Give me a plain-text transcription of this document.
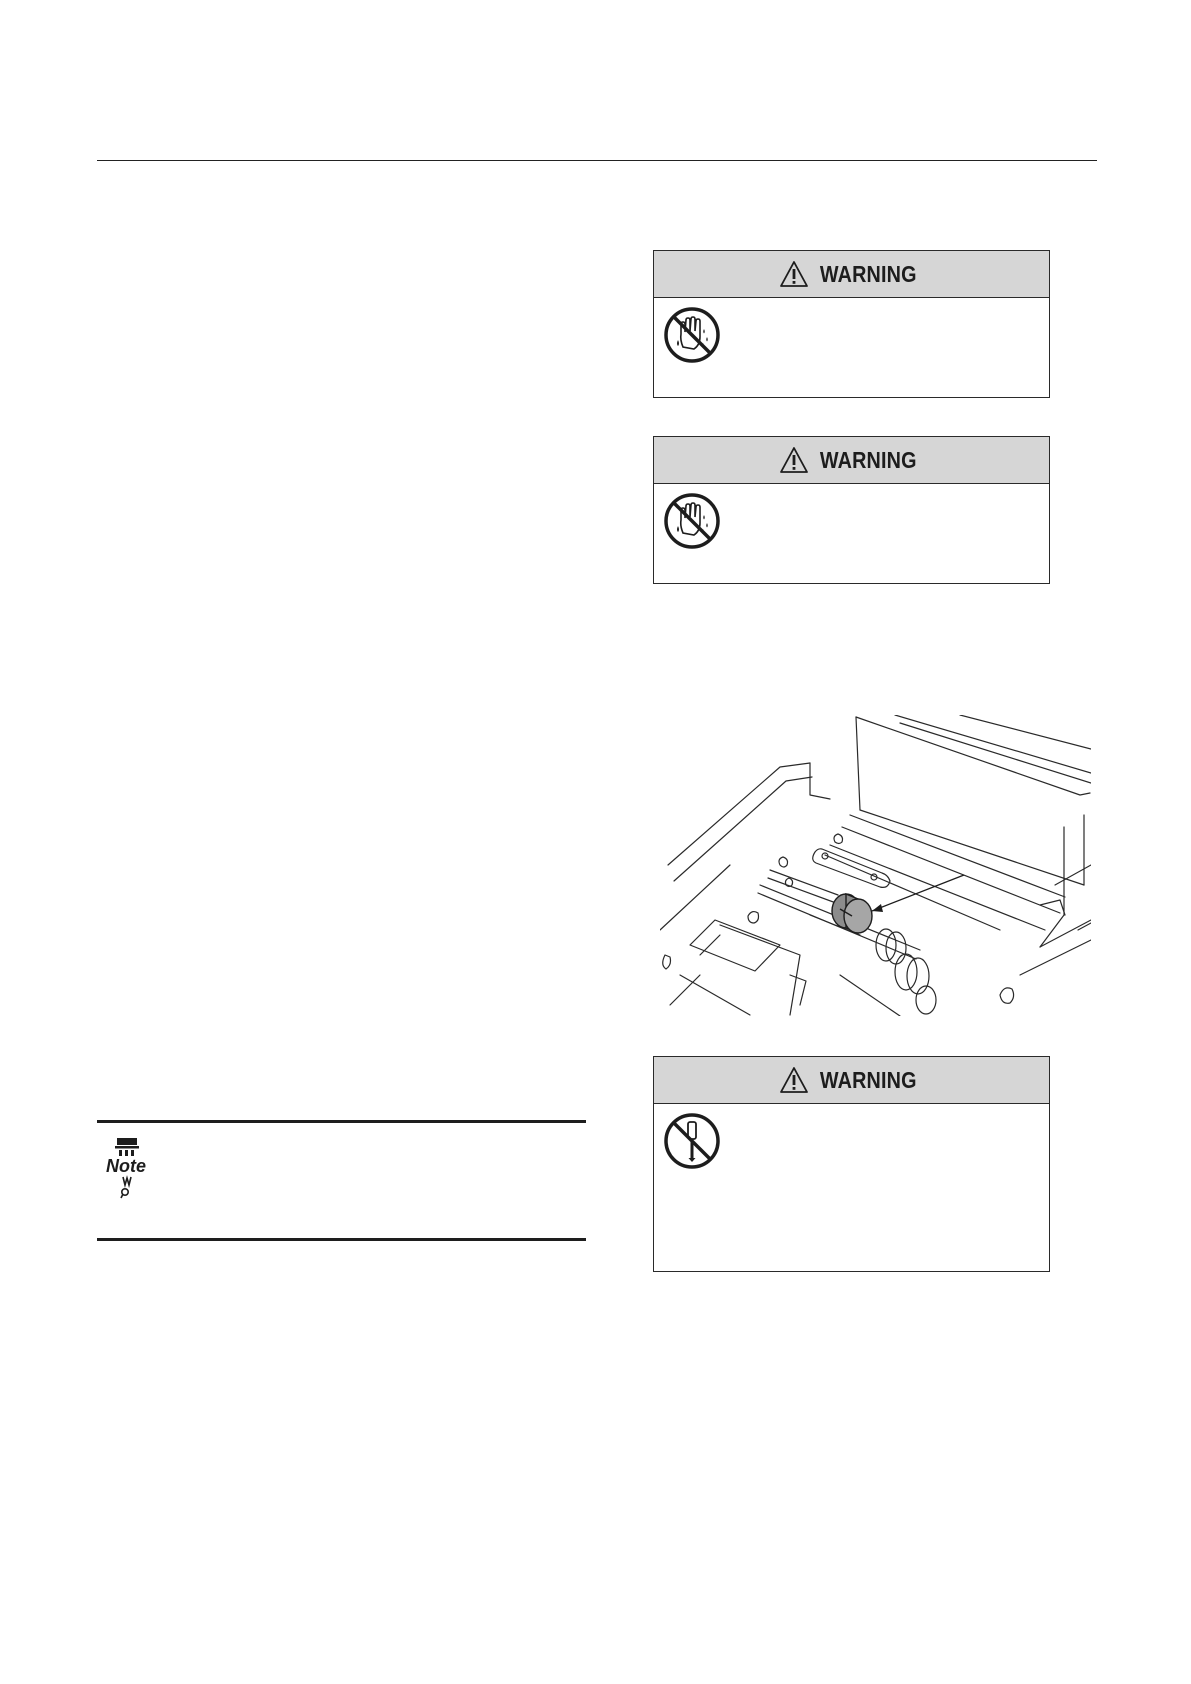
WARNING
WARNING
WARNING
Note
